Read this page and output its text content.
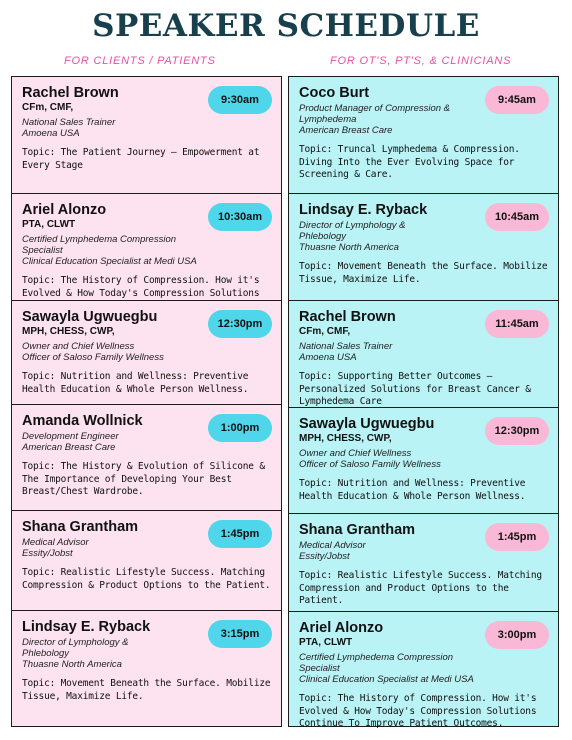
SPEAKER SCHEDULE
FOR CLIENTS / PATIENTS	FOR OT'S, PT'S, & CLINICIANS
Rachel Brown
CFm, CMF,
National Sales Trainer
Amoena USA
Topic: The Patient Journey – Empowerment at Every Stage
9:30am
Ariel Alonzo
PTA, CLWT
Certified Lymphedema Compression Specialist
Clinical Education Specialist at Medi USA
Topic: The History of Compression. How it's Evolved & How Today's Compression Solutions
10:30am
Sawayla Ugwuegbu
MPH, CHESS, CWP,
Owner and Chief Wellness
Officer of Saloso Family Wellness
Topic: Nutrition and Wellness: Preventive Health Education & Whole Person Wellness.
12:30pm
Amanda Wollnick
Development Engineer
American Breast Care
Topic: The History & Evolution of Silicone & The Importance of Developing Your Best Breast/Chest Wardrobe.
1:00pm
Shana Grantham
Medical Advisor
Essity/Jobst
Topic: Realistic Lifestyle Success. Matching Compression & Product Options to the Patient.
1:45pm
Lindsay E. Ryback
Director of Lymphology &
Phlebology
Thuasne North America
Topic: Movement Beneath the Surface. Mobilize Tissue, Maximize Life.
3:15pm
Coco Burt
Product Manager of Compression &
Lymphedema
American Breast Care
Topic: Truncal Lymphedema & Compression. Diving Into the Ever Evolving Space for Screening & Care.
9:45am
Lindsay E. Ryback
Director of Lymphology &
Phlebology
Thuasne North America
Topic: Movement Beneath the Surface. Mobilize Tissue, Maximize Life.
10:45am
Rachel Brown
CFm, CMF,
National Sales Trainer
Amoena USA
Topic: Supporting Better Outcomes – Personalized Solutions for Breast Cancer & Lymphedema Care
11:45am
Sawayla Ugwuegbu
MPH, CHESS, CWP,
Owner and Chief Wellness
Officer of Saloso Family Wellness
Topic: Nutrition and Wellness: Preventive Health Education & Whole Person Wellness.
12:30pm
Shana Grantham
Medical Advisor
Essity/Jobst
Topic: Realistic Lifestyle Success. Matching Compression and Product Options to the Patient.
1:45pm
Ariel Alonzo
PTA, CLWT
Certified Lymphedema Compression Specialist
Clinical Education Specialist at Medi USA
Topic: The History of Compression. How it's Evolved & How Today's Compression Solutions Continue To Improve Patient Outcomes.
3:00pm
